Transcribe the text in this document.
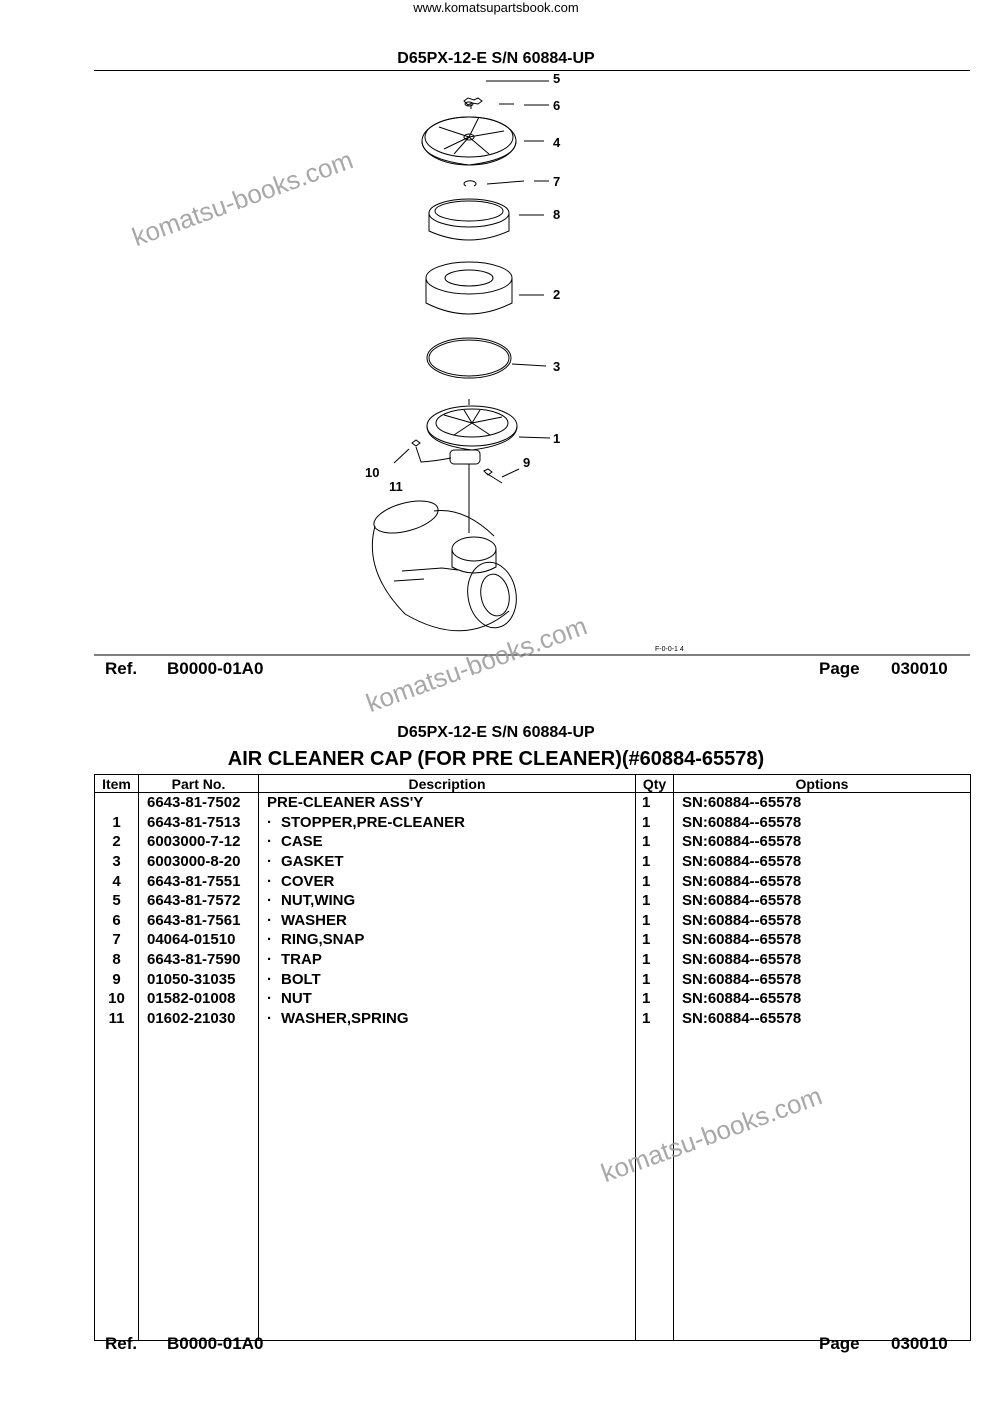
www.komatsupartsbook.com
D65PX-12-E S/N 60884-UP
5
6
4
7
8
2
3
1
9
10
11
F-0-0-1 4
Ref. B0000-01A0	Page 030010
D65PX-12-E S/N 60884-UP
AIR CLEANER CAP (FOR PRE CLEANER)(#60884-65578)
Item	Part No.	Description	Qty	Options
	6643-81-7502	PRE-CLEANER ASS'Y	1	SN:60884--65578
1	6643-81-7513	· STOPPER,PRE-CLEANER	1	SN:60884--65578
2	6003000-7-12	· CASE	1	SN:60884--65578
3	6003000-8-20	· GASKET	1	SN:60884--65578
4	6643-81-7551	· COVER	1	SN:60884--65578
5	6643-81-7572	· NUT,WING	1	SN:60884--65578
6	6643-81-7561	· WASHER	1	SN:60884--65578
7	04064-01510	· RING,SNAP	1	SN:60884--65578
8	6643-81-7590	· TRAP	1	SN:60884--65578
9	01050-31035	· BOLT	1	SN:60884--65578
10	01582-01008	· NUT	1	SN:60884--65578
11	01602-21030	· WASHER,SPRING	1	SN:60884--65578

Ref. B0000-01A0	Page 030010
komatsu-books.com
komatsu-books.com
komatsu-books.com
